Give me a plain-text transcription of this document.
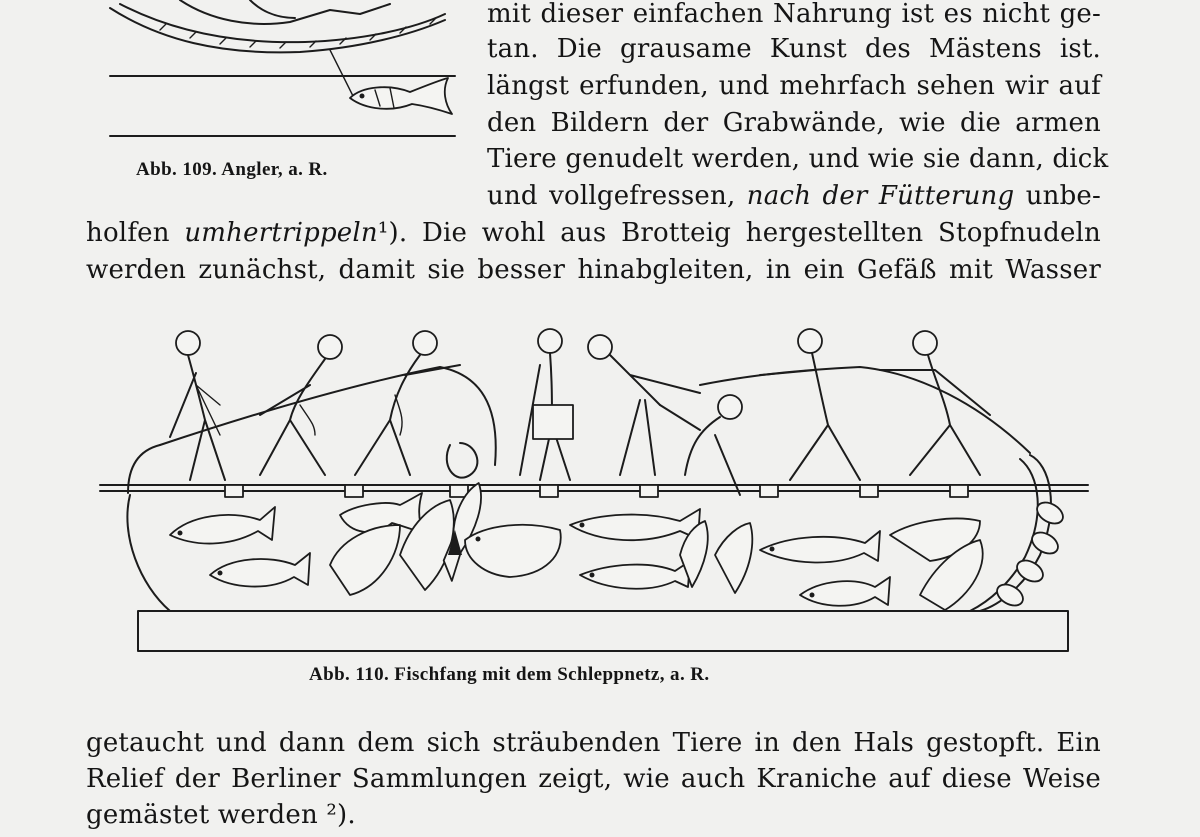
Abb. 109. Angler, a. R.
mit dieser einfachen Nahrung ist es nicht ge-
tan. Die grausame Kunst des Mästens ist.
längst erfunden, und mehrfach sehen wir auf
den Bildern der Grabwände, wie die armen
Tiere genudelt werden, und wie sie dann, dick
und vollgefressen, nach der Fütterung unbe-
holfen umhertrippeln¹). Die wohl aus Brotteig hergestellten Stopfnudeln
werden zunächst, damit sie besser hinabgleiten, in ein Gefäß mit Wasser
Abb. 110. Fischfang mit dem Schleppnetz, a. R.
getaucht und dann dem sich sträubenden Tiere in den Hals gestopft. Ein
Relief der Berliner Sammlungen zeigt, wie auch Kraniche auf diese Weise
gemästet werden ²).
